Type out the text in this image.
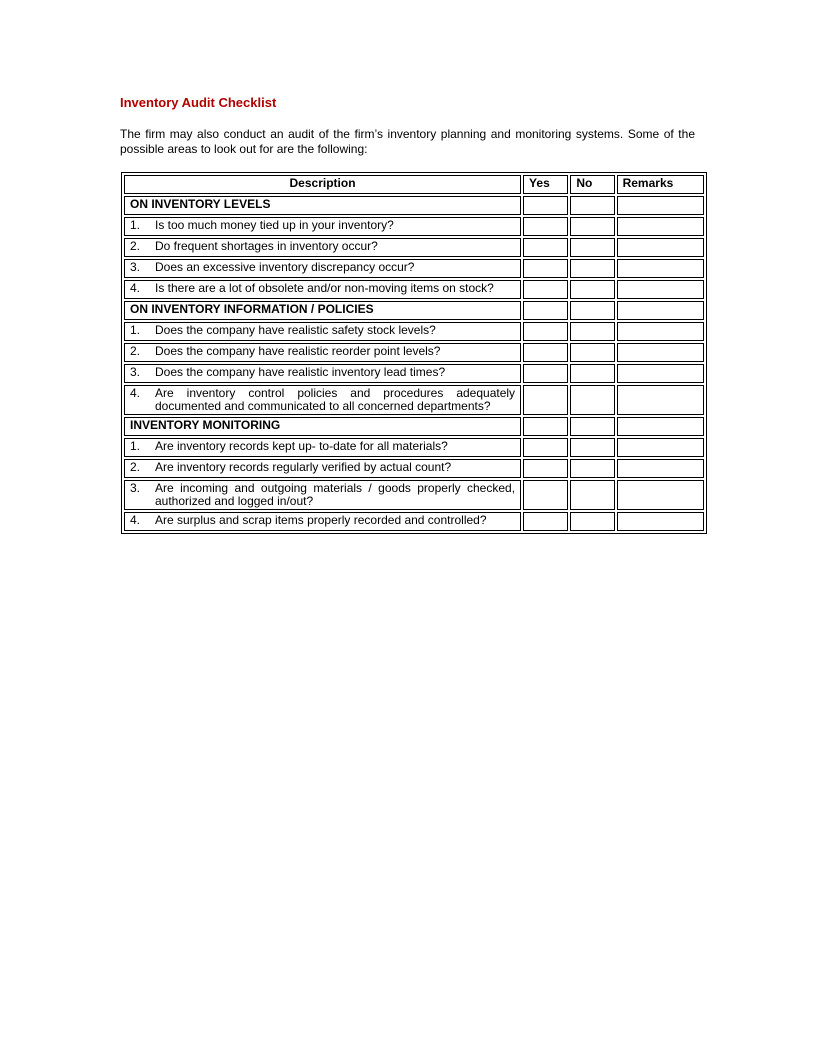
Inventory Audit Checklist

The firm may also conduct an audit of the firm’s inventory planning and monitoring systems. Some of the possible areas to look out for are the following:

Description	Yes	No	Remarks
ON INVENTORY LEVELS			

1. Is too much money tied up in your inventory?			

2. Do frequent shortages in inventory occur?			

3. Does an excessive inventory discrepancy occur?			

4. Is there are a lot of obsolete and/or non-moving items on stock?			

ON INVENTORY INFORMATION / POLICIES			

1. Does the company have realistic safety stock levels?			

2. Does the company have realistic reorder point levels?			

3. Does the company have realistic inventory lead times?			

4. Are inventory control policies and procedures adequately documented and communicated to all concerned departments?			

INVENTORY MONITORING			

1. Are inventory records kept up- to-date for all materials?			

2. Are inventory records regularly verified by actual count?			

3. Are incoming and outgoing materials / goods properly checked, authorized and logged in/out?			

4. Are surplus and scrap items properly recorded and controlled?			
